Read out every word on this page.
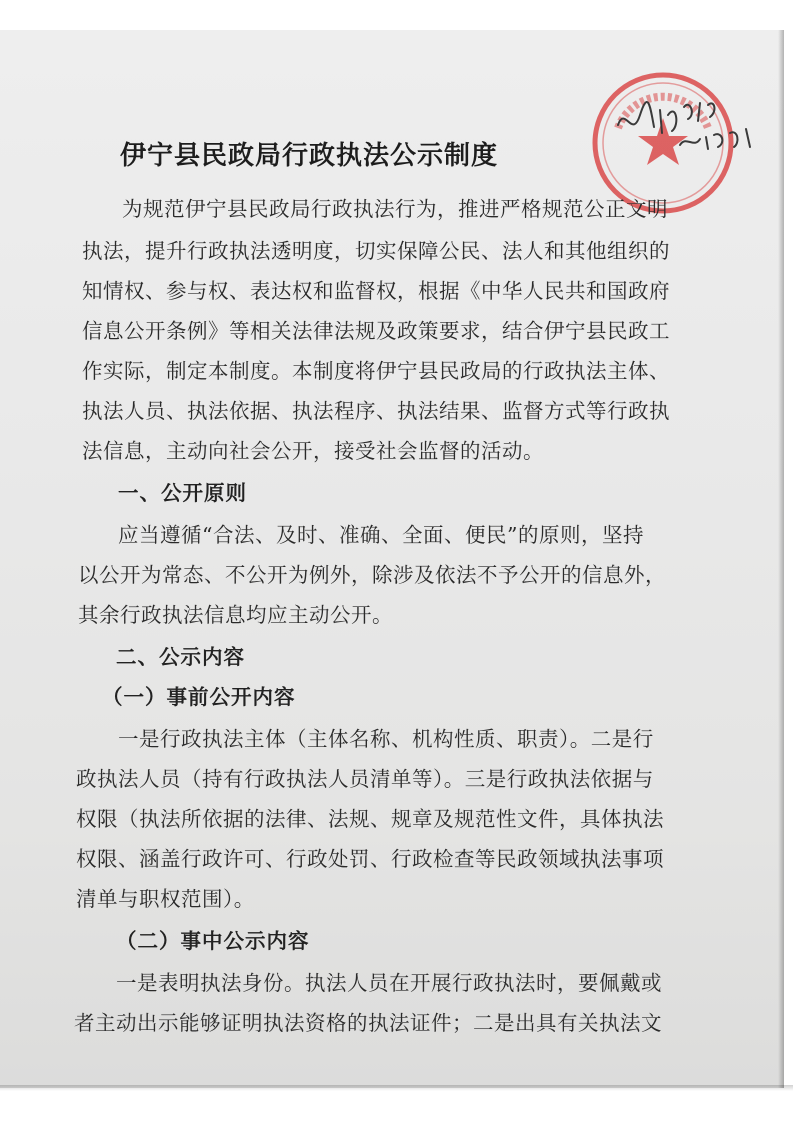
伊宁县民政局行政执法公示制度
为规范伊宁县民政局行政执法行为，推进严格规范公正文明
执法，提升行政执法透明度，切实保障公民、法人和其他组织的
知情权、参与权、表达权和监督权，根据《中华人民共和国政府
信息公开条例》等相关法律法规及政策要求，结合伊宁县民政工
作实际，制定本制度。本制度将伊宁县民政局的行政执法主体、
执法人员、执法依据、执法程序、执法结果、监督方式等行政执
法信息，主动向社会公开，接受社会监督的活动。
一、公开原则
应当遵循“合法、及时、准确、全面、便民”的原则，坚持
以公开为常态、不公开为例外，除涉及依法不予公开的信息外，
其余行政执法信息均应主动公开。
二、公示内容
（一）事前公开内容
一是行政执法主体（主体名称、机构性质、职责）。二是行
政执法人员（持有行政执法人员清单等）。三是行政执法依据与
权限（执法所依据的法律、法规、规章及规范性文件，具体执法
权限、涵盖行政许可、行政处罚、行政检查等民政领域执法事项
清单与职权范围）。
（二）事中公示内容
一是表明执法身份。执法人员在开展行政执法时，要佩戴或
者主动出示能够证明执法资格的执法证件；二是出具有关执法文
